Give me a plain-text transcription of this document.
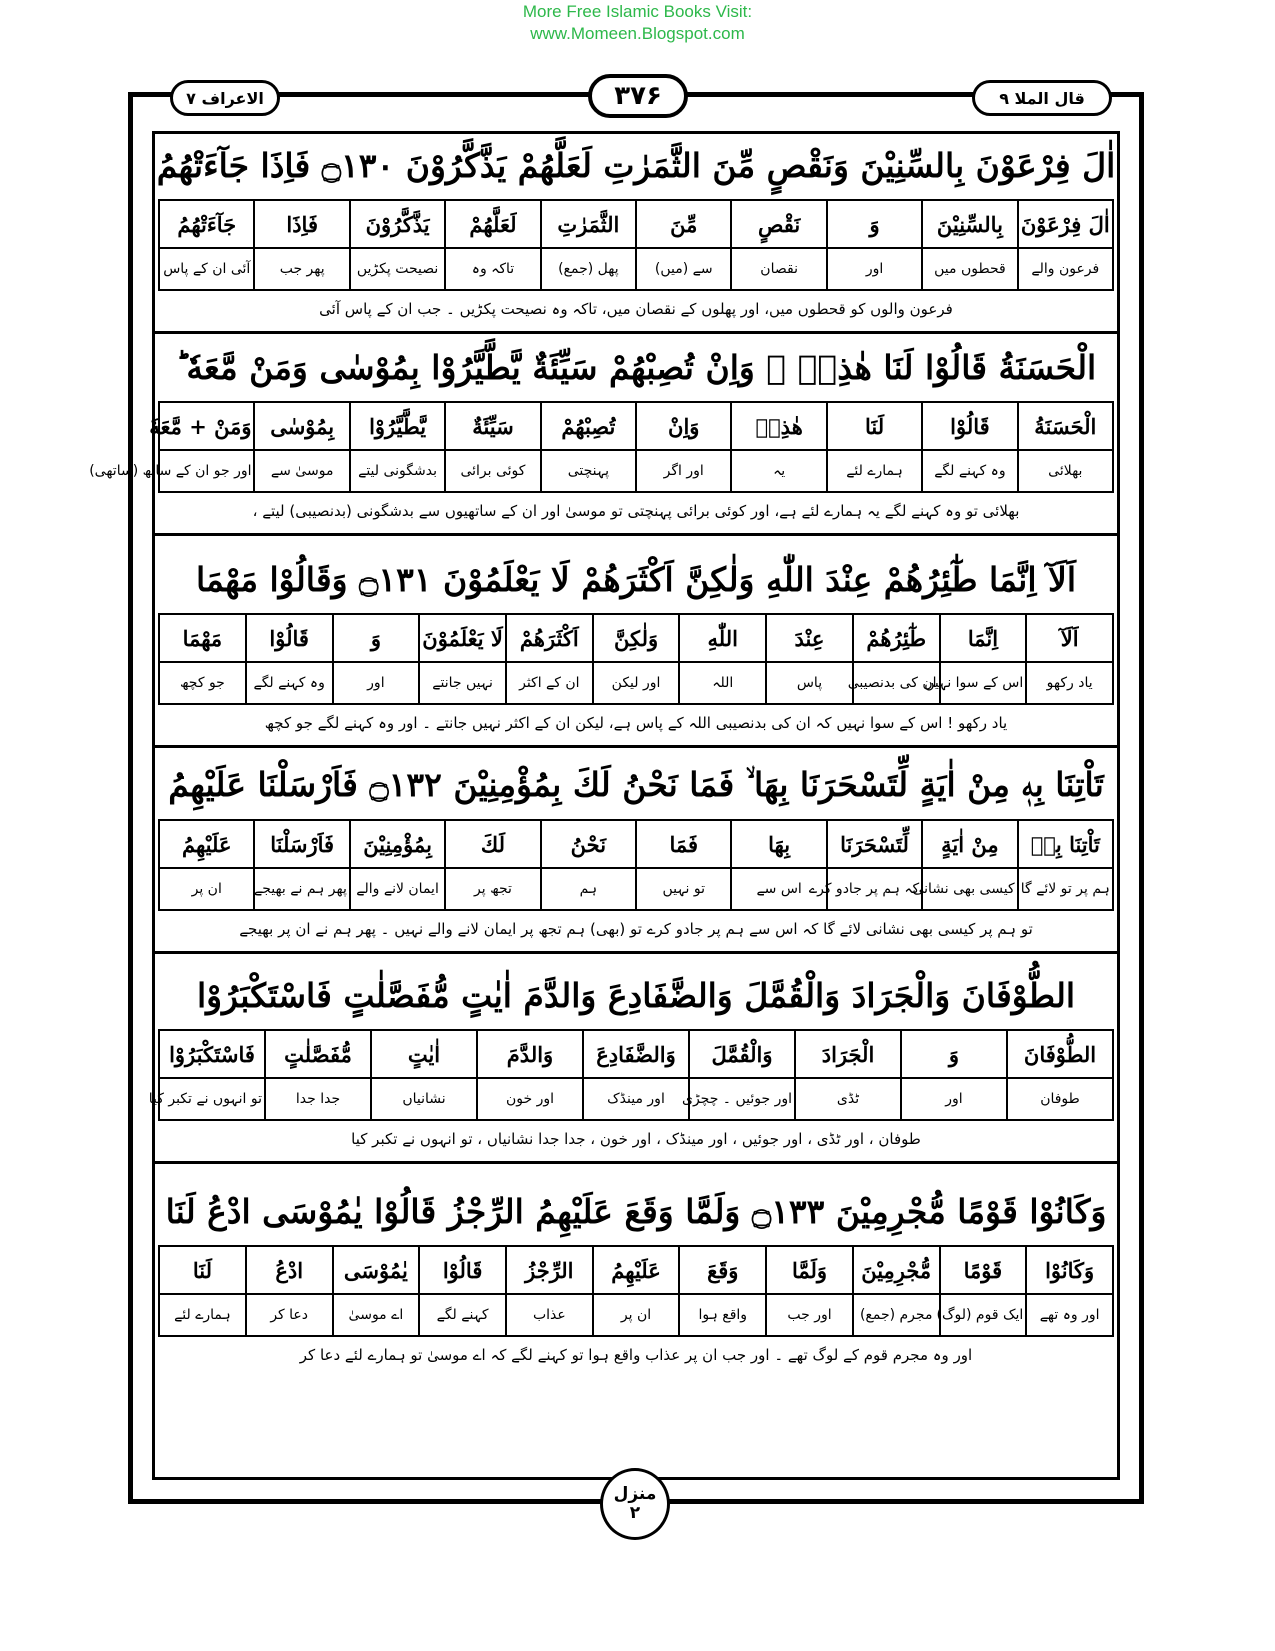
More Free Islamic Books Visit:
www.Momeen.Blogspot.com
قال الملا ۹
۳۷۶
الاعراف ۷
اٰلَ فِرْعَوْنَ بِالسِّنِيْنَ وَنَقْصٍ مِّنَ الثَّمَرٰتِ لَعَلَّهُمْ يَذَّكَّرُوْنَ ۝١٣٠ فَاِذَا جَآءَتْهُمُ
اٰلَ فِرْعَوْنَ	بِالسِّنِيْنَ	وَ	نَقْصٍ	مِّنَ	الثَّمَرٰتِ	لَعَلَّهُمْ	يَذَّكَّرُوْنَ	فَاِذَا	جَآءَتْهُمُ
فرعون والے	قحطوں میں	اور	نقصان	سے (میں)	پھل (جمع)	تاکہ وہ	نصیحت پکڑیں	پھر جب	آئی ان کے پاس
فرعون والوں کو قحطوں میں، اور پھلوں کے نقصان میں، تاکہ وہ نصیحت پکڑیں ۔ جب ان کے پاس آئی
الْحَسَنَةُ قَالُوْا لَنَا هٰذِهٖ ۚ وَاِنْ تُصِبْهُمْ سَيِّئَةٌ يَّطَّيَّرُوْا بِمُوْسٰى وَمَنْ مَّعَهٗ ؕ
الْحَسَنَةُ	قَالُوْا	لَنَا	هٰذِهٖ	وَاِنْ	تُصِبْهُمْ	سَيِّئَةٌ	يَّطَّيَّرُوْا	بِمُوْسٰى	وَمَنْ + مَّعَهٗ
بھلائی	وہ کہنے لگے	ہمارے لئے	یہ	اور اگر	پہنچتی	کوئی برائی	بدشگونی لیتے	موسیٰ سے	اور جو ان کے ساتھ (ساتھی)
بھلائی تو وہ کہنے لگے یہ ہمارے لئے ہے، اور کوئی برائی پہنچتی تو موسیٰ اور ان کے ساتھیوں سے بدشگونی (بدنصیبی) لیتے ،
اَلَآ اِنَّمَا طٰٓئِرُهُمْ عِنْدَ اللّٰهِ وَلٰكِنَّ اَكْثَرَهُمْ لَا يَعْلَمُوْنَ ۝١٣١ وَقَالُوْا مَهْمَا
اَلَآ	اِنَّمَا	طٰٓئِرُهُمْ	عِنْدَ	اللّٰهِ	وَلٰكِنَّ	اَكْثَرَهُمْ	لَا يَعْلَمُوْنَ	وَ	قَالُوْا	مَهْمَا
یاد رکھو	اس کے سوا نہیں	ان کی بدنصیبی	پاس	اللہ	اور لیکن	ان کے اکثر	نہیں جانتے	اور	وہ کہنے لگے	جو کچھ
یاد رکھو ! اس کے سوا نہیں کہ ان کی بدنصیبی اللہ کے پاس ہے، لیکن ان کے اکثر نہیں جانتے ۔ اور وہ کہنے لگے جو کچھ
تَاْتِنَا بِهٖ مِنْ اٰيَةٍ لِّتَسْحَرَنَا بِهَا ۙ فَمَا نَحْنُ لَكَ بِمُؤْمِنِيْنَ ۝١٣٢ فَاَرْسَلْنَا عَلَيْهِمُ
تَاْتِنَا بِهٖ	مِنْ اٰيَةٍ	لِّتَسْحَرَنَا	بِهَا	فَمَا	نَحْنُ	لَكَ	بِمُؤْمِنِيْنَ	فَاَرْسَلْنَا	عَلَيْهِمُ
ہم پر تو لائے گا	کیسی بھی نشانی	کہ ہم پر جادو کرے	اس سے	تو نہیں	ہم	تجھ پر	ایمان لانے والے	پھر ہم نے بھیجے	ان پر
تو ہم پر کیسی بھی نشانی لائے گا کہ اس سے ہم پر جادو کرے تو (بھی) ہم تجھ پر ایمان لانے والے نہیں ۔ پھر ہم نے ان پر بھیجے
الطُّوْفَانَ وَالْجَرَادَ وَالْقُمَّلَ وَالضَّفَادِعَ وَالدَّمَ اٰيٰتٍ مُّفَصَّلٰتٍ فَاسْتَكْبَرُوْا
الطُّوْفَانَ	وَ	الْجَرَادَ	وَالْقُمَّلَ	وَالضَّفَادِعَ	وَالدَّمَ	اٰيٰتٍ	مُّفَصَّلٰتٍ	فَاسْتَكْبَرُوْا
طوفان	اور	ٹڈی	اور جوئیں ۔ چچڑی	اور مینڈک	اور خون	نشانیاں	جدا جدا	تو انہوں نے تکبر کیا
طوفان ، اور ٹڈی ، اور جوئیں ، اور مینڈک ، اور خون ، جدا جدا نشانیاں ، تو انہوں نے تکبر کیا
وَكَانُوْا قَوْمًا مُّجْرِمِيْنَ ۝١٣٣ وَلَمَّا وَقَعَ عَلَيْهِمُ الرِّجْزُ قَالُوْا يٰمُوْسَى ادْعُ لَنَا
وَكَانُوْا	قَوْمًا	مُّجْرِمِيْنَ	وَلَمَّا	وَقَعَ	عَلَيْهِمُ	الرِّجْزُ	قَالُوْا	يٰمُوْسَى	ادْعُ	لَنَا
اور وہ تھے	ایک قوم (لوگ)	مجرم (جمع)	اور جب	واقع ہوا	ان پر	عذاب	کہنے لگے	اے موسیٰ	دعا کر	ہمارے لئے
اور وہ مجرم قوم کے لوگ تھے ۔ اور جب ان پر عذاب واقع ہوا تو کہنے لگے کہ اے موسیٰ تو ہمارے لئے دعا کر
منزل
۲
